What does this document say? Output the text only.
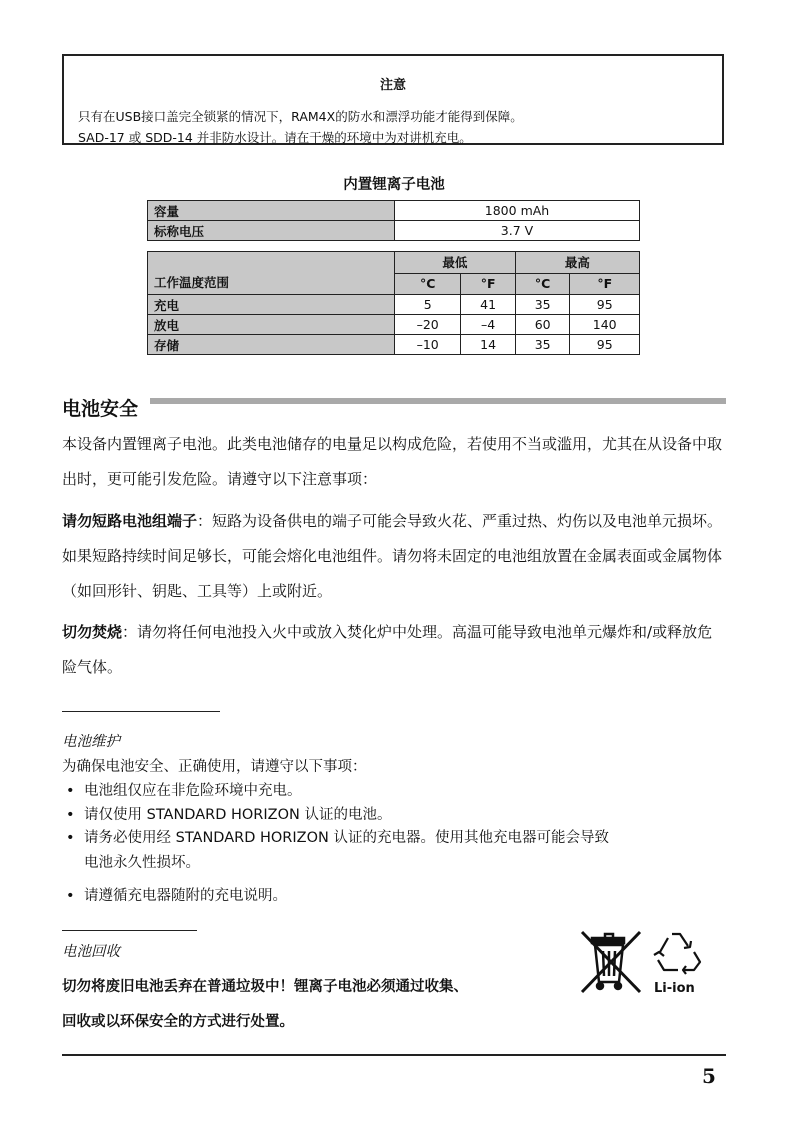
注意
只有在USB接口盖完全锁紧的情况下，RAM4X的防水和漂浮功能才能得到保障。
SAD-17 或 SDD-14 并非防水设计。请在干燥的环境中为对讲机充电。
内置锂离子电池
容量	1800 mAh
标称电压	3.7 V
工作温度范围	最低		最高	
	°C	°F	°C	°F
充电	5	41	35	95
放电	–20	–4	60	140
存储	–10	14	35	95
电池安全
本设备内置锂离子电池。此类电池储存的电量足以构成危险，若使用不当或滥用，尤其在从设备中取出时，更可能引发危险。请遵守以下注意事项：
请勿短路电池组端子：短路为设备供电的端子可能会导致火花、严重过热、灼伤以及电池单元损坏。如果短路持续时间足够长，可能会熔化电池组件。请勿将未固定的电池组放置在金属表面或金属物体（如回形针、钥匙、工具等）上或附近。
切勿焚烧：请勿将任何电池投入火中或放入焚化炉中处理。高温可能导致电池单元爆炸和/或释放危险气体。
电池维护
为确保电池安全、正确使用，请遵守以下事项：
• 电池组仅应在非危险环境中充电。
• 请仅使用 STANDARD HORIZON 认证的电池。
• 请务必使用经 STANDARD HORIZON 认证的充电器。使用其他充电器可能会导致
电池永久性损坏。
• 请遵循充电器随附的充电说明。
电池回收
切勿将废旧电池丢弃在普通垃圾中！锂离子电池必须通过收集、
回收或以环保安全的方式进行处置。
Li-ion
5
